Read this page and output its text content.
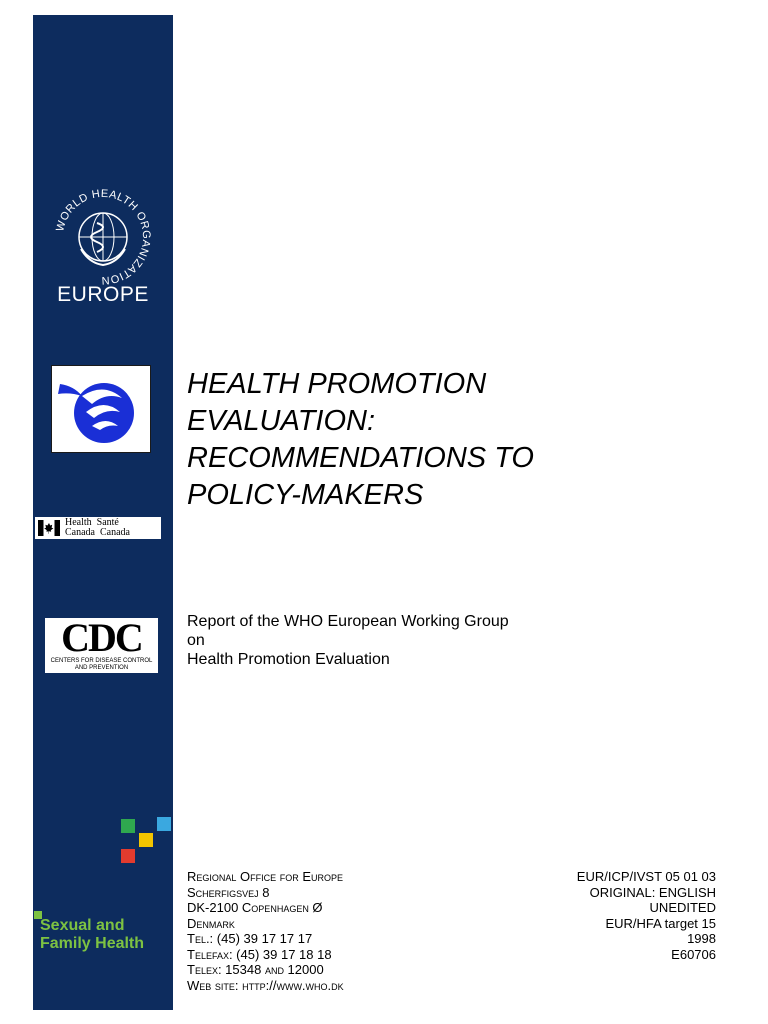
WORLD HEALTH ORGANIZATION
EUROPE
Health  Santé
Canada  Canada
CDC
CENTERS FOR DISEASE CONTROL
AND PREVENTION
Sexual and Family Health
HEALTH PROMOTION
EVALUATION:
RECOMMENDATIONS TO
POLICY-MAKERS
Report of the WHO European Working Group
on
Health Promotion Evaluation
Regional Office for Europe
Scherfigsvej 8
DK-2100 Copenhagen Ø
Denmark
Tel.: (45) 39 17 17 17
Telefax: (45) 39 17 18 18
Telex: 15348 and 12000
Web site: http://www.who.dk
EUR/ICP/IVST 05 01 03
ORIGINAL: ENGLISH
UNEDITED
EUR/HFA target 15
1998
E60706
